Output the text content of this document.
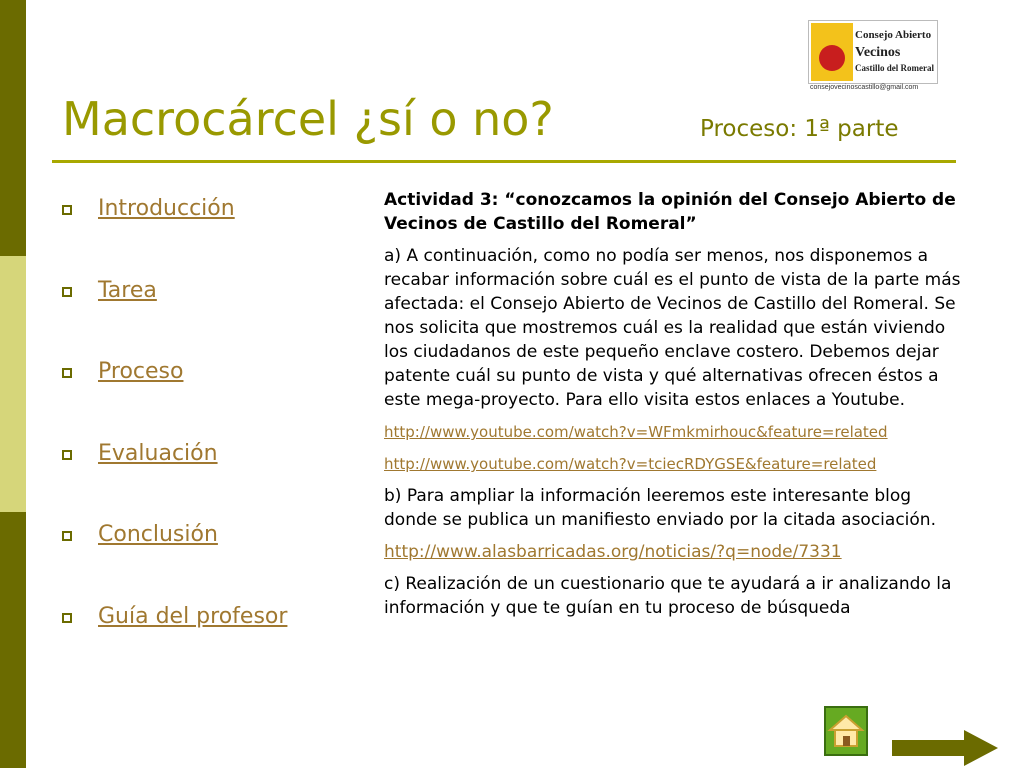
Consejo Abierto
Vecinos
Castillo del Romeral
consejovecinoscastillo@gmail.com
Macrocárcel ¿sí o no?	Proceso: 1ª parte
Introducción
Tarea
Proceso
Evaluación
Conclusión
Guía del profesor

Actividad 3: “conozcamos la opinión del Consejo Abierto de Vecinos de Castillo del Romeral”

a) A continuación, como no podía ser menos, nos disponemos a recabar información sobre cuál es el punto de vista de la parte más afectada: el Consejo Abierto de Vecinos de Castillo del Romeral. Se nos solicita que mostremos cuál es la realidad que están viviendo los ciudadanos de este pequeño enclave costero. Debemos dejar patente cuál su punto de vista y qué alternativas ofrecen éstos a este mega-proyecto. Para ello visita estos enlaces a Youtube.

http://www.youtube.com/watch?v=WFmkmirhouc&feature=related

http://www.youtube.com/watch?v=tciecRDYGSE&feature=related

b) Para ampliar la información leeremos este interesante blog donde se publica un manifiesto enviado por la citada asociación.

http://www.alasbarricadas.org/noticias/?q=node/7331

c) Realización de un cuestionario que te ayudará a ir analizando la información y que te guían en tu proceso de búsqueda
